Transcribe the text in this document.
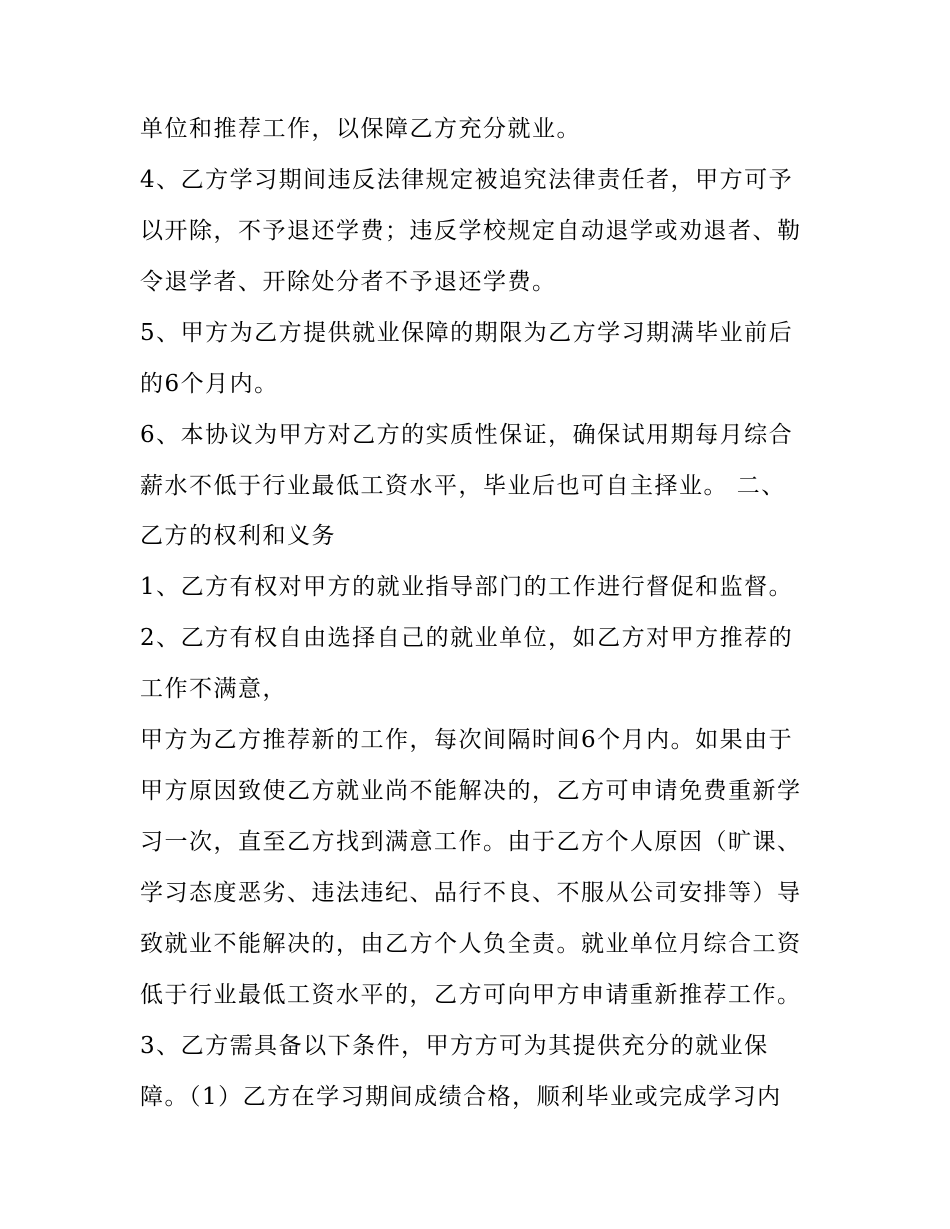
单位和推荐工作，以保障乙方充分就业。
4、乙方学习期间违反法律规定被追究法律责任者，甲方可予
以开除，不予退还学费；违反学校规定自动退学或劝退者、勒
令退学者、开除处分者不予退还学费。
5、甲方为乙方提供就业保障的期限为乙方学习期满毕业前后
的6个月内。
6、本协议为甲方对乙方的实质性保证，确保试用期每月综合
薪水不低于行业最低工资水平，毕业后也可自主择业。 二、
乙方的权利和义务
1、乙方有权对甲方的就业指导部门的工作进行督促和监督。
2、乙方有权自由选择自己的就业单位，如乙方对甲方推荐的
工作不满意，
甲方为乙方推荐新的工作，每次间隔时间6个月内。如果由于
甲方原因致使乙方就业尚不能解决的，乙方可申请免费重新学
习一次，直至乙方找到满意工作。由于乙方个人原因（旷课、
学习态度恶劣、违法违纪、品行不良、不服从公司安排等）导
致就业不能解决的，由乙方个人负全责。就业单位月综合工资
低于行业最低工资水平的，乙方可向甲方申请重新推荐工作。
3、乙方需具备以下条件，甲方方可为其提供充分的就业保
障。（1）乙方在学习期间成绩合格，顺利毕业或完成学习内
